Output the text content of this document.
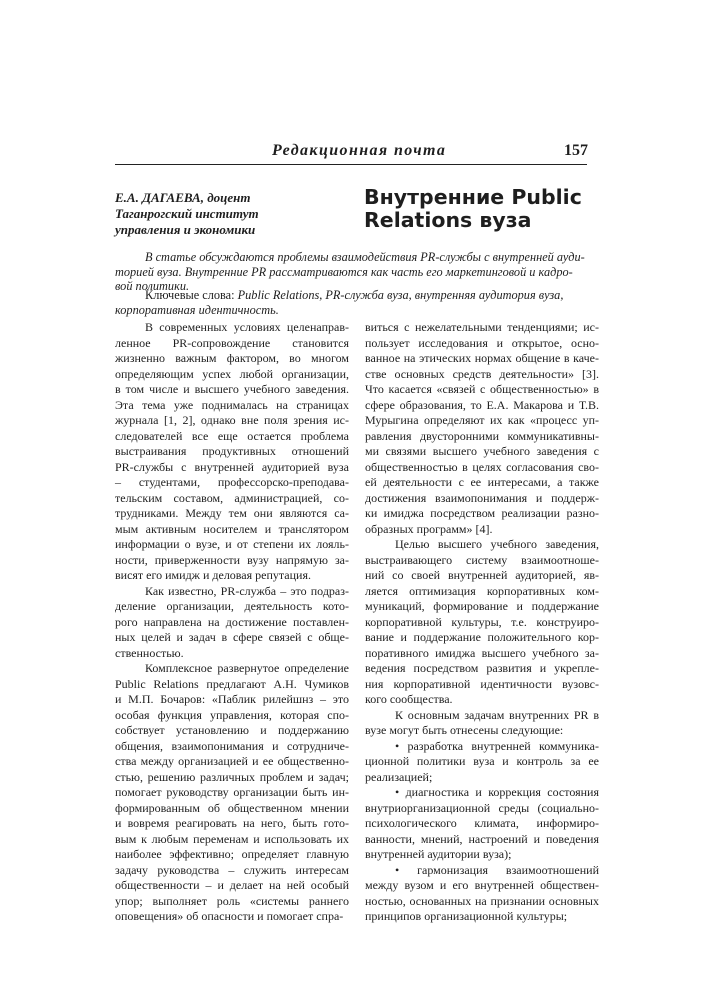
Редакционная почта	157
Е.А. ДАГАЕВА, доцент
Таганрогский институт
управления и экономики
Внутренние Public
Relations вуза
В статье обсуждаются проблемы взаимодействия PR-службы с внутренней ауди-
торией вуза. Внутренние PR рассматриваются как часть его маркетинговой и кадро-
вой политики.
Ключевые слова: Public Relations, PR-служба вуза, внутренняя аудитория вуза,
корпоративная идентичность.

В современных условиях целенаправ-
ленное PR-сопровождение становится
жизненно важным фактором, во многом
определяющим успех любой организации,
в том числе и высшего учебного заведения.
Эта тема уже поднималась на страницах
журнала [1, 2], однако вне поля зрения ис-
следователей все еще остается проблема
выстраивания продуктивных отношений
PR-службы с внутренней аудиторией вуза
– студентами, профессорско-преподава-
тельским составом, администрацией, со-
трудниками. Между тем они являются са-
мым активным носителем и транслятором
информации о вузе, и от степени их лояль-
ности, приверженности вузу напрямую за-
висят его имидж и деловая репутация.

Как известно, PR-служба – это подраз-
деление организации, деятельность кото-
рого направлена на достижение поставлен-
ных целей и задач в сфере связей с обще-
ственностью.

Комплексное развернутое определение
Public Relations предлагают А.Н. Чумиков
и М.П. Бочаров: «Паблик рилейшнз – это
особая функция управления, которая спо-
собствует установлению и поддержанию
общения, взаимопонимания и сотрудниче-
ства между организацией и ее общественно-
стью, решению различных проблем и задач;
помогает руководству организации быть ин-
формированным об общественном мнении
и вовремя реагировать на него, быть гото-
вым к любым переменам и использовать их
наиболее эффективно; определяет главную
задачу руководства – служить интересам
общественности – и делает на ней особый
упор; выполняет роль «системы раннего
оповещения» об опасности и помогает спра-

виться с нежелательными тенденциями; ис-
пользует исследования и открытое, осно-
ванное на этических нормах общение в каче-
стве основных средств деятельности» [3].
Что касается «связей с общественностью» в
сфере образования, то Е.А. Макарова и Т.В.
Мурыгина определяют их как «процесс уп-
равления двусторонними коммуникативны-
ми связями высшего учебного заведения с
общественностью в целях согласования сво-
ей деятельности с ее интересами, а также
достижения взаимопонимания и поддерж-
ки имиджа посредством реализации разно-
образных программ» [4].

Целью высшего учебного заведения,
выстраивающего систему взаимоотноше-
ний со своей внутренней аудиторией, яв-
ляется оптимизация корпоративных ком-
муникаций, формирование и поддержание
корпоративной культуры, т.е. конструиро-
вание и поддержание положительного кор-
поративного имиджа высшего учебного за-
ведения посредством развития и укрепле-
ния корпоративной идентичности вузовс-
кого сообщества.

К основным задачам внутренних PR в
вузе могут быть отнесены следующие:

• разработка внутренней коммуника-
ционной политики вуза и контроль за ее
реализацией;

• диагностика и коррекция состояния
внутриорганизационной среды (социально-
психологического климата, информиро-
ванности, мнений, настроений и поведения
внутренней аудитории вуза);

• гармонизация взаимоотношений
между вузом и его внутренней обществен-
ностью, основанных на признании основных
принципов организационной культуры;
